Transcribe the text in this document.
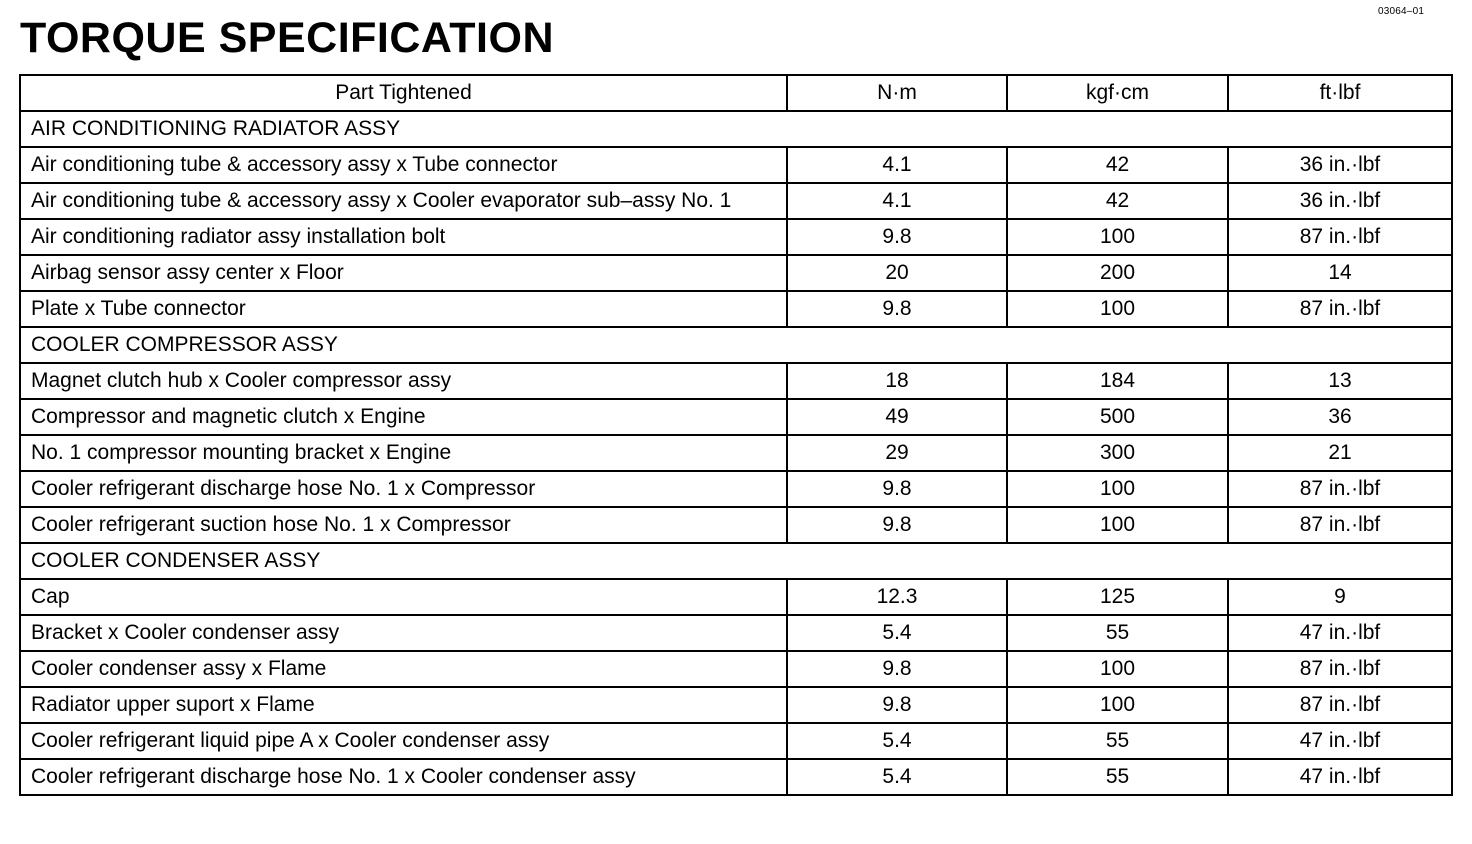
03064–01
TORQUE SPECIFICATION
Part Tightened	N·m	kgf·cm	ft·lbf
AIR CONDITIONING RADIATOR ASSY			
Air conditioning tube & accessory assy x Tube connector	4.1	42	36 in.·lbf
Air conditioning tube & accessory assy x Cooler evaporator sub–assy No. 1	4.1	42	36 in.·lbf
Air conditioning radiator assy installation bolt	9.8	100	87 in.·lbf
Airbag sensor assy center x Floor	20	200	14
Plate x Tube connector	9.8	100	87 in.·lbf
COOLER COMPRESSOR ASSY			
Magnet clutch hub x Cooler compressor assy	18	184	13
Compressor and magnetic clutch x Engine	49	500	36
No. 1 compressor mounting bracket x Engine	29	300	21
Cooler refrigerant discharge hose No. 1 x Compressor	9.8	100	87 in.·lbf
Cooler refrigerant suction hose No. 1 x Compressor	9.8	100	87 in.·lbf
COOLER CONDENSER ASSY			
Cap	12.3	125	9
Bracket x Cooler condenser assy	5.4	55	47 in.·lbf
Cooler condenser assy x Flame	9.8	100	87 in.·lbf
Radiator upper suport x Flame	9.8	100	87 in.·lbf
Cooler refrigerant liquid pipe A x Cooler condenser assy	5.4	55	47 in.·lbf
Cooler refrigerant discharge hose No. 1 x Cooler condenser assy	5.4	55	47 in.·lbf
